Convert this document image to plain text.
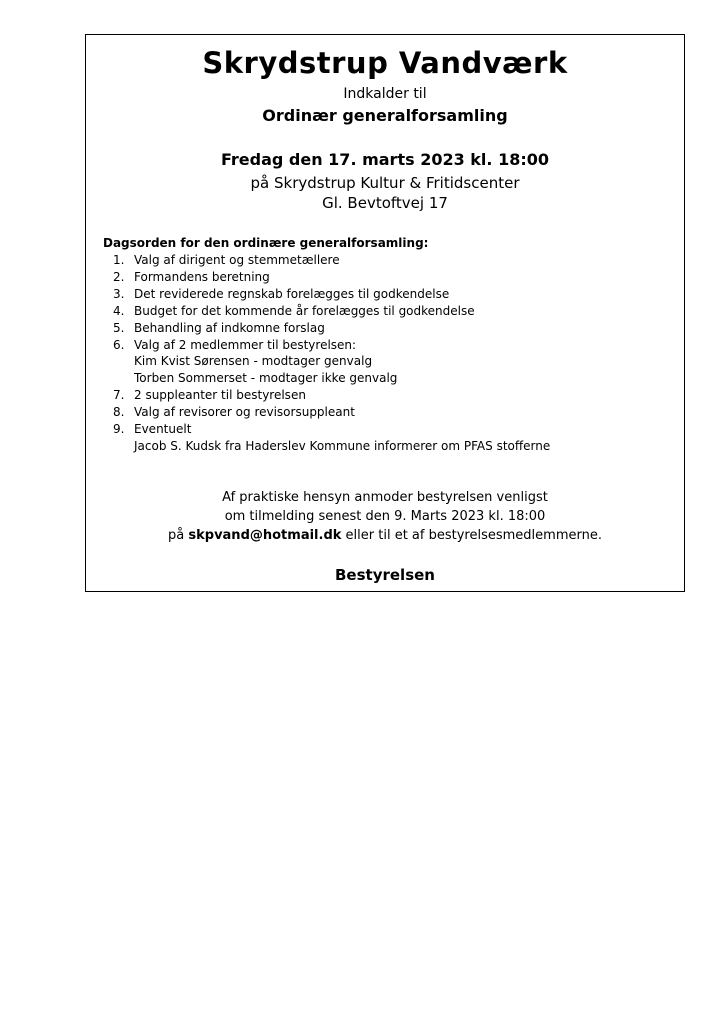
Skrydstrup Vandværk
Indkalder til
Ordinær generalforsamling
Fredag den 17. marts 2023 kl. 18:00
på Skrydstrup Kultur & Fritidscenter
Gl. Bevtoftvej 17
Dagsorden for den ordinære generalforsamling:
1. Valg af dirigent og stemmetællere
2. Formandens beretning
3. Det reviderede regnskab forelægges til godkendelse
4. Budget for det kommende år forelægges til godkendelse
5. Behandling af indkomne forslag
6. Valg af 2 medlemmer til bestyrelsen:
Kim Kvist Sørensen - modtager genvalg
Torben Sommerset - modtager ikke genvalg
7. 2 suppleanter til bestyrelsen
8. Valg af revisorer og revisorsuppleant
9. Eventuelt
Jacob S. Kudsk fra Haderslev Kommune informerer om PFAS stofferne
Af praktiske hensyn anmoder bestyrelsen venligst
om tilmelding senest den 9. Marts 2023 kl. 18:00
på skpvand@hotmail.dk eller til et af bestyrelsesmedlemmerne.
Bestyrelsen
